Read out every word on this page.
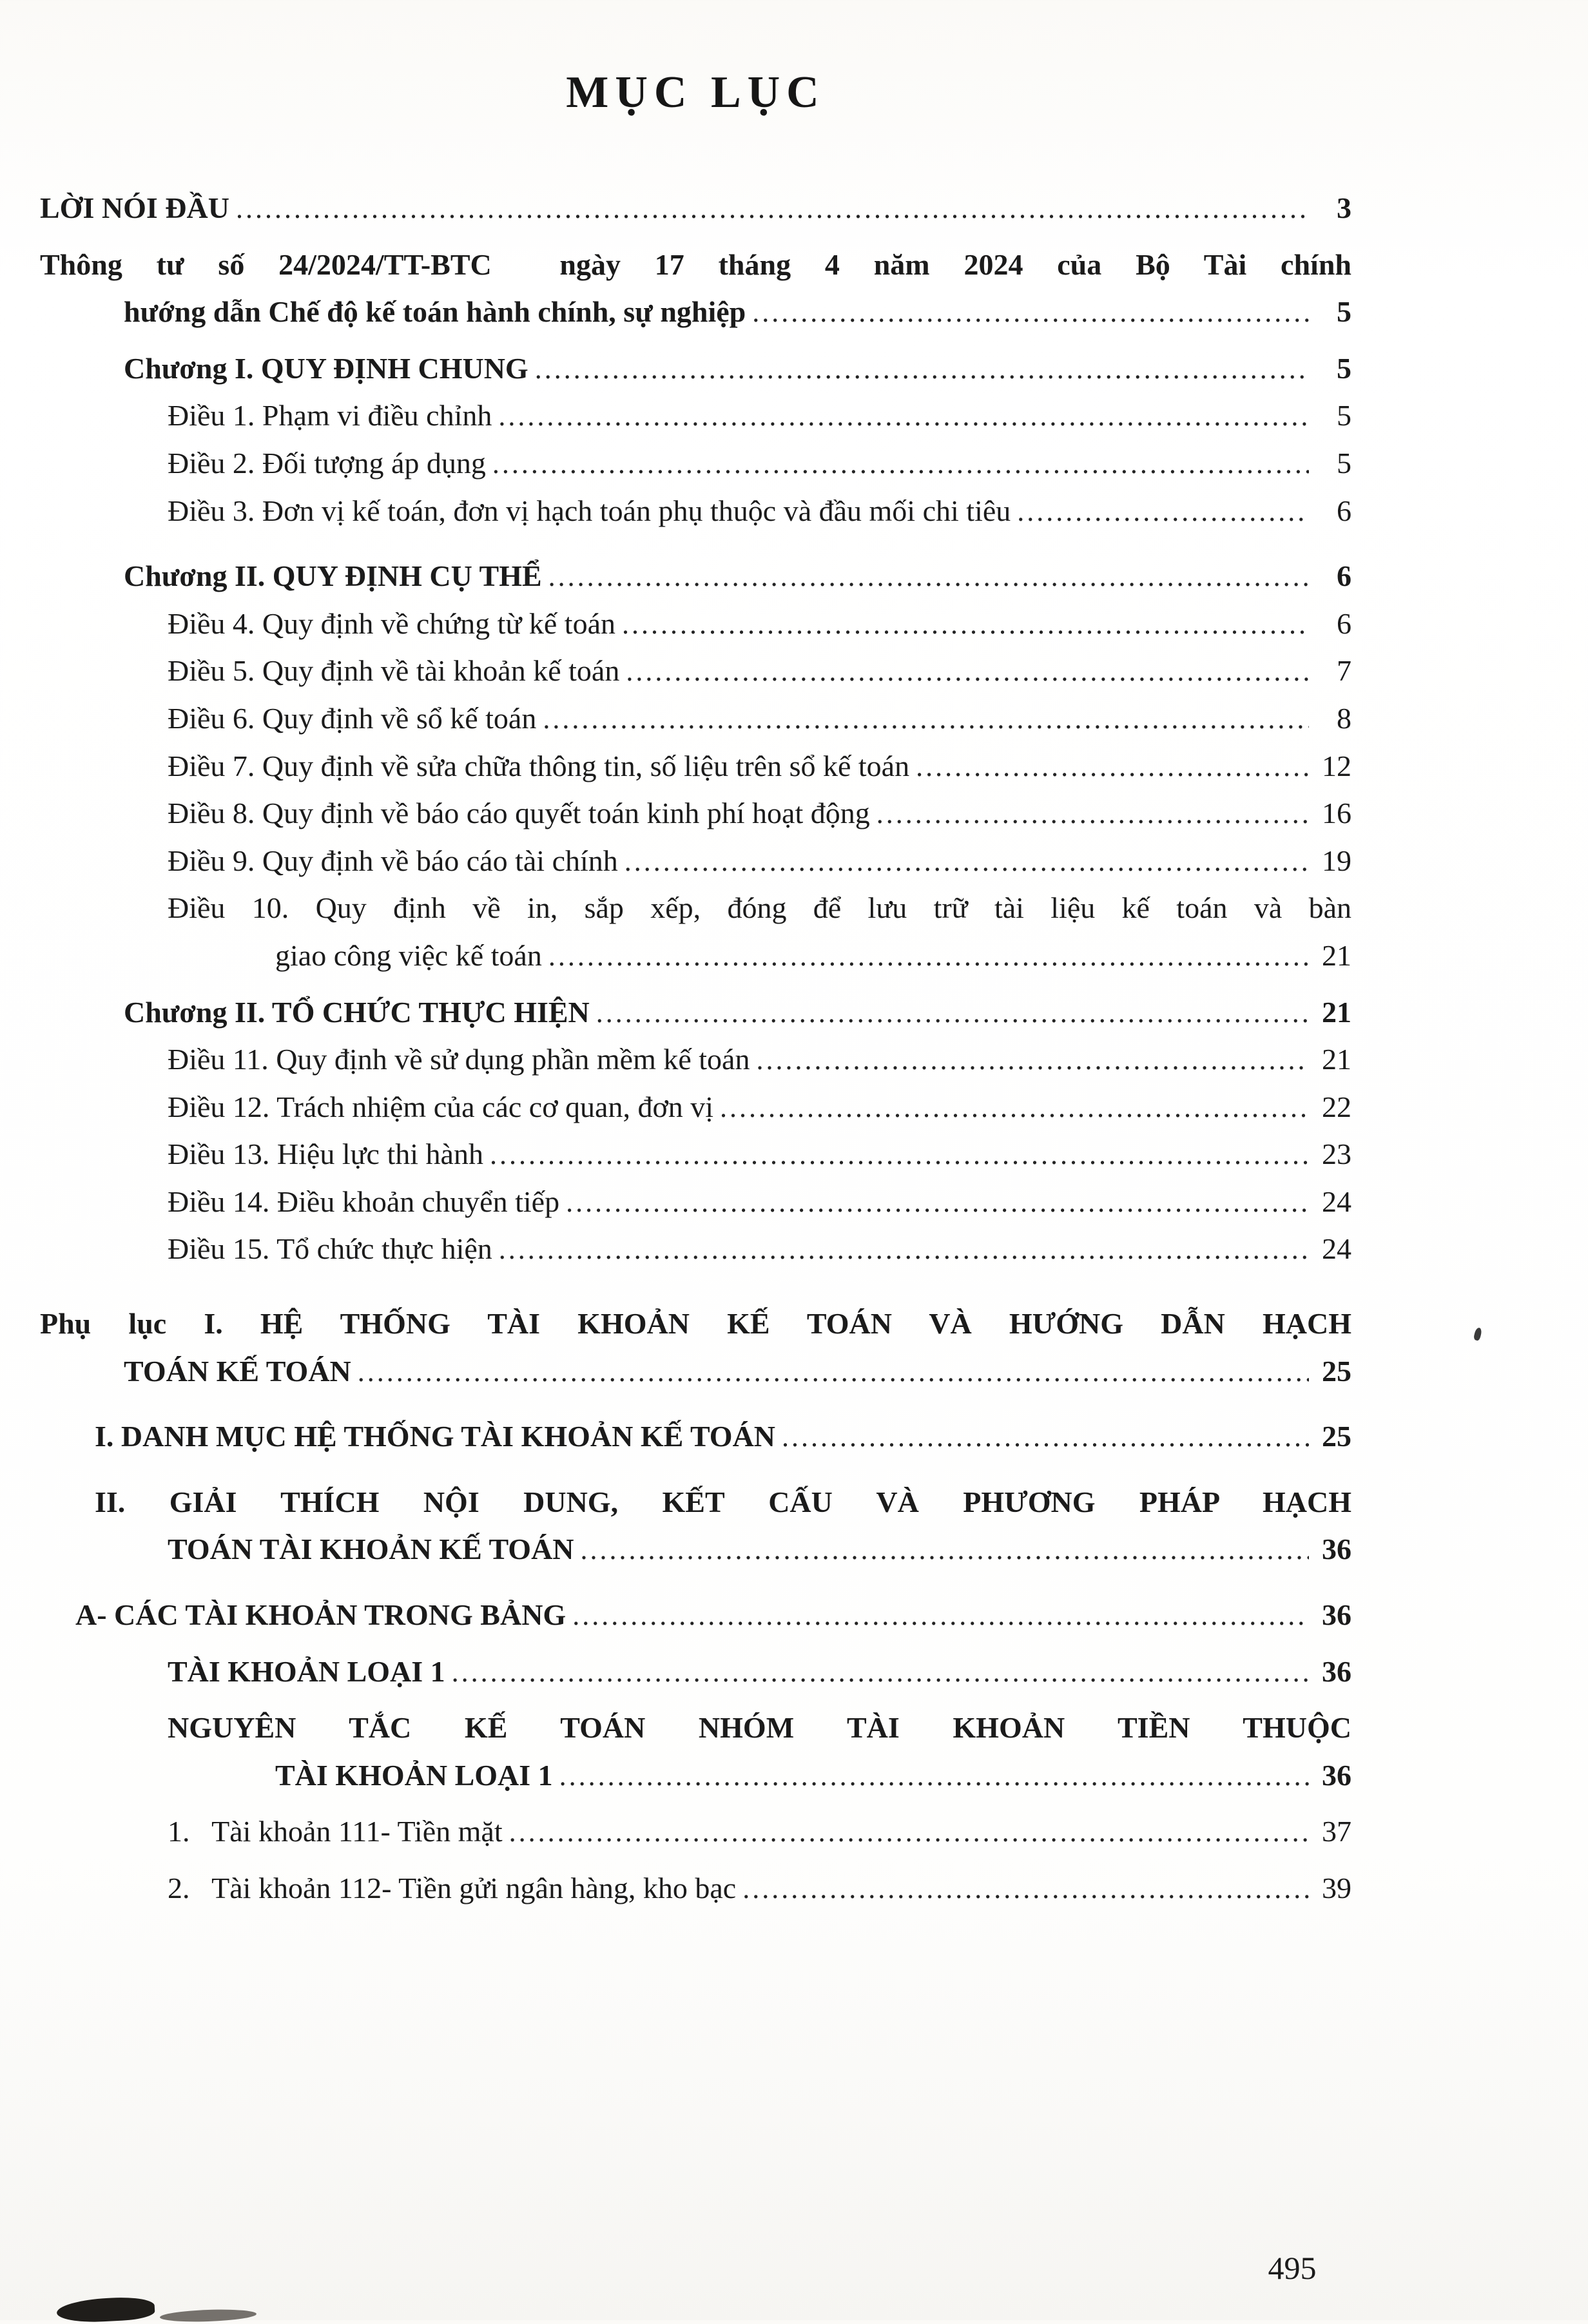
MỤC LỤC
LỜI NÓI ĐẦU .....	3
Thông tư số 24/2024/TT-BTC  ngày 17 tháng 4 năm 2024 của Bộ Tài chính
hướng dẫn Chế độ kế toán hành chính, sự nghiệp .....	5
Chương I. QUY ĐỊNH CHUNG .....	5
Điều 1. Phạm vi điều chỉnh .....	5
Điều 2. Đối tượng áp dụng .....	5
Điều 3. Đơn vị kế toán, đơn vị hạch toán phụ thuộc và đầu mối chi tiêu .....	6
Chương II. QUY ĐỊNH CỤ THỂ .....	6
Điều 4. Quy định về chứng từ kế toán .....	6
Điều 5. Quy định về tài khoản kế toán .....	7
Điều 6. Quy định về sổ kế toán .....	8
Điều 7. Quy định về sửa chữa thông tin, số liệu trên sổ kế toán .....	12
Điều 8. Quy định về báo cáo quyết toán kinh phí hoạt động .....	16
Điều 9. Quy định về báo cáo tài chính .....	19
Điều 10. Quy định về in, sắp xếp, đóng để lưu trữ tài liệu kế toán và bàn
giao công việc kế toán .....	21
Chương II. TỔ CHỨC THỰC HIỆN .....	21
Điều 11. Quy định về sử dụng phần mềm kế toán .....	21
Điều 12. Trách nhiệm của các cơ quan, đơn vị .....	22
Điều 13. Hiệu lực thi hành .....	23
Điều 14. Điều khoản chuyển tiếp .....	24
Điều 15. Tổ chức thực hiện .....	24
Phụ lục I. HỆ THỐNG TÀI KHOẢN KẾ TOÁN VÀ HƯỚNG DẪN HẠCH
TOÁN KẾ TOÁN .....	25
I. DANH MỤC HỆ THỐNG TÀI KHOẢN KẾ TOÁN .....	25
II. GIẢI THÍCH NỘI DUNG, KẾT CẤU VÀ PHƯƠNG PHÁP HẠCH
TOÁN TÀI KHOẢN KẾ TOÁN .....	36
A- CÁC TÀI KHOẢN TRONG BẢNG .....	36
TÀI KHOẢN LOẠI 1 .....	36
NGUYÊN TẮC KẾ TOÁN NHÓM TÀI KHOẢN TIỀN THUỘC
TÀI KHOẢN LOẠI 1 .....	36
1.   Tài khoản 111- Tiền mặt .....	37
2.   Tài khoản 112- Tiền gửi ngân hàng, kho bạc .....	39
495
